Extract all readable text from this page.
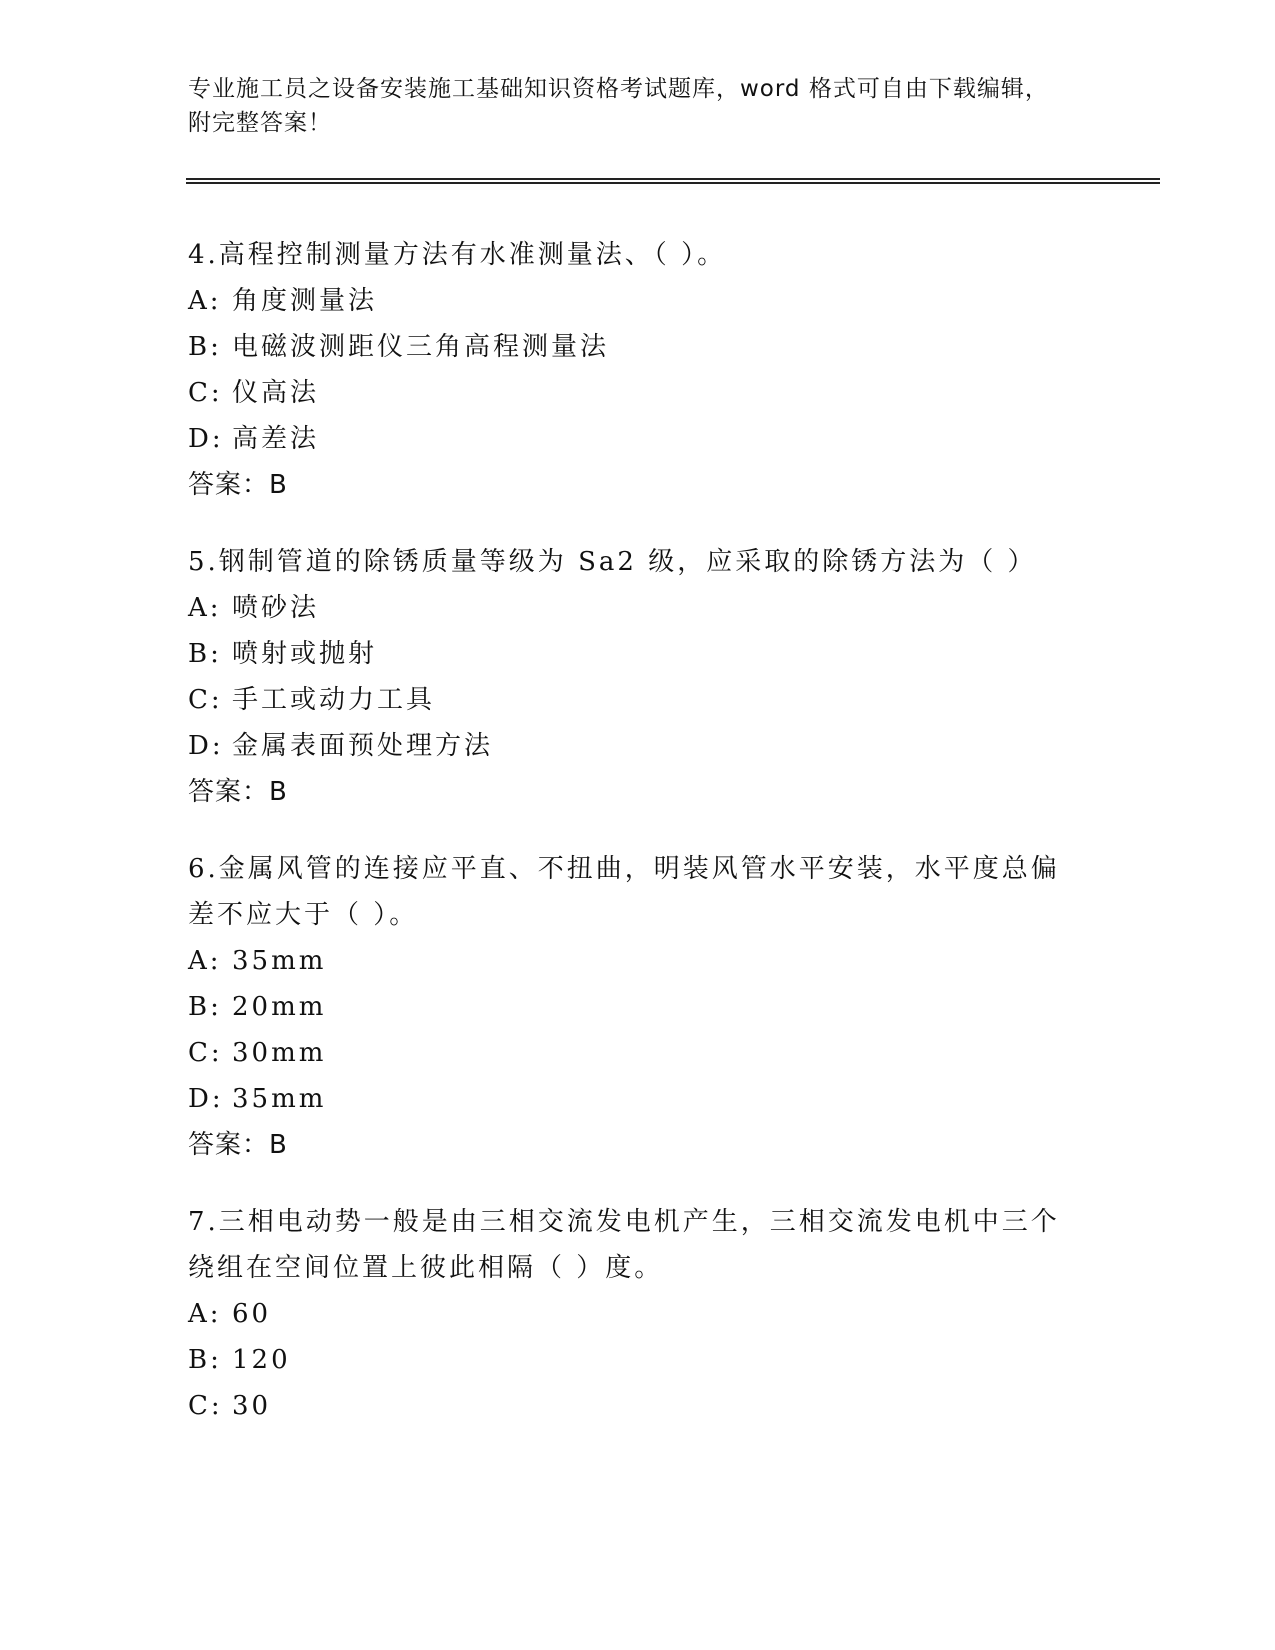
专业施工员之设备安装施工基础知识资格考试题库，word 格式可自由下载编辑，
附完整答案！
4.高程控制测量方法有水准测量法、（ ）。
A: 角度测量法
B: 电磁波测距仪三角高程测量法
C: 仪高法
D: 高差法
答案：B
5.钢制管道的除锈质量等级为 Sa2 级，应采取的除锈方法为（ ）
A: 喷砂法
B: 喷射或抛射
C: 手工或动力工具
D: 金属表面预处理方法
答案：B
6.金属风管的连接应平直、不扭曲，明装风管水平安装，水平度总偏
差不应大于（ ）。
A: 35mm
B: 20mm
C: 30mm
D: 35mm
答案：B
7.三相电动势一般是由三相交流发电机产生，三相交流发电机中三个
绕组在空间位置上彼此相隔（ ）度。
A: 60
B: 120
C: 30
